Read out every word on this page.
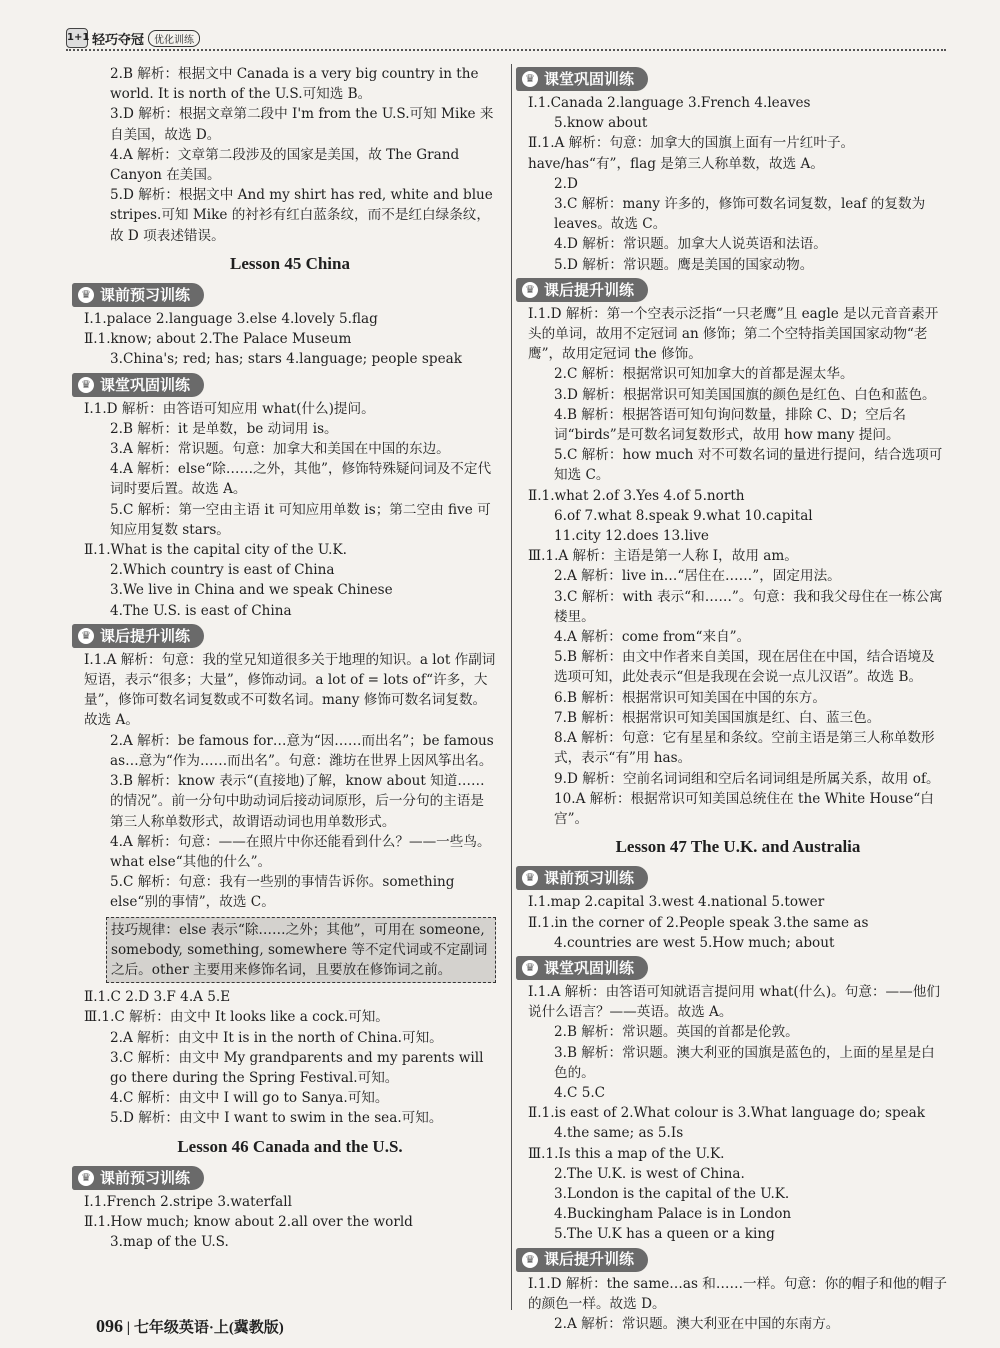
1+1 轻巧夺冠	优化训练
2.B 解析：根据文中 Canada is a very big country in the world. It is north of the U.S.可知选 B。
3.D 解析：根据文章第二段中 I'm from the U.S.可知 Mike 来自美国，故选 D。
4.A 解析：文章第二段涉及的国家是美国，故 The Grand Canyon 在美国。
5.D 解析：根据文中 And my shirt has red, white and blue stripes.可知 Mike 的衬衫有红白蓝条纹，而不是红白绿条纹，故 D 项表述错误。
Lesson 45 China
♛ 课前预习训练
Ⅰ.1.palace 2.language 3.else 4.lovely 5.flag
Ⅱ.1.know; about 2.The Palace Museum
3.China's; red; has; stars 4.language; people speak
♛ 课堂巩固训练
Ⅰ.1.D 解析：由答语可知应用 what(什么)提问。
2.B 解析：it 是单数，be 动词用 is。
3.A 解析：常识题。句意：加拿大和美国在中国的东边。
4.A 解析：else“除……之外，其他”，修饰特殊疑问词及不定代词时要后置。故选 A。
5.C 解析：第一空由主语 it 可知应用单数 is；第二空由 five 可知应用复数 stars。
Ⅱ.1.What is the capital city of the U.K.
2.Which country is east of China
3.We live in China and we speak Chinese
4.The U.S. is east of China
♛ 课后提升训练
Ⅰ.1.A 解析：句意：我的堂兄知道很多关于地理的知识。a lot 作副词短语，表示“很多；大量”，修饰动词。a lot of = lots of“许多，大量”，修饰可数名词复数或不可数名词。many 修饰可数名词复数。故选 A。
2.A 解析：be famous for…意为“因……而出名”；be famous as…意为“作为……而出名”。句意：潍坊在世界上因风筝出名。
3.B 解析：know 表示“(直接地)了解，know about 知道……的情况”。前一分句中助动词后接动词原形，后一分句的主语是第三人称单数形式，故谓语动词也用单数形式。
4.A 解析：句意：——在照片中你还能看到什么？——一些鸟。what else“其他的什么”。
5.C 解析：句意：我有一些别的事情告诉你。something else“别的事情”，故选 C。
技巧规律：else 表示“除……之外；其他”，可用在 someone, somebody, something, somewhere 等不定代词或不定副词之后。other 主要用来修饰名词，且要放在修饰词之前。
Ⅱ.1.C 2.D 3.F 4.A 5.E
Ⅲ.1.C 解析：由文中 It looks like a cock.可知。
2.A 解析：由文中 It is in the north of China.可知。
3.C 解析：由文中 My grandparents and my parents will go there during the Spring Festival.可知。
4.C 解析：由文中 I will go to Sanya.可知。
5.D 解析：由文中 I want to swim in the sea.可知。
Lesson 46 Canada and the U.S.
♛ 课前预习训练
Ⅰ.1.French 2.stripe 3.waterfall
Ⅱ.1.How much; know about 2.all over the world
3.map of the U.S.
♛ 课堂巩固训练
Ⅰ.1.Canada 2.language 3.French 4.leaves
5.know about
Ⅱ.1.A 解析：句意：加拿大的国旗上面有一片红叶子。have/has“有”，flag 是第三人称单数，故选 A。
2.D
3.C 解析：many 许多的，修饰可数名词复数，leaf 的复数为 leaves。故选 C。
4.D 解析：常识题。加拿大人说英语和法语。
5.D 解析：常识题。鹰是美国的国家动物。
♛ 课后提升训练
Ⅰ.1.D 解析：第一个空表示泛指“一只老鹰”且 eagle 是以元音音素开头的单词，故用不定冠词 an 修饰；第二个空特指美国国家动物“老鹰”，故用定冠词 the 修饰。
2.C 解析：根据常识可知加拿大的首都是渥太华。
3.D 解析：根据常识可知美国国旗的颜色是红色、白色和蓝色。
4.B 解析：根据答语可知句询问数量，排除 C、D；空后名词“birds”是可数名词复数形式，故用 how many 提问。
5.C 解析：how much 对不可数名词的量进行提问，结合选项可知选 C。
Ⅱ.1.what 2.of 3.Yes 4.of 5.north
6.of 7.what 8.speak 9.what 10.capital
11.city 12.does 13.live
Ⅲ.1.A 解析：主语是第一人称 I，故用 am。
2.A 解析：live in…“居住在……”，固定用法。
3.C 解析：with 表示“和……”。句意：我和我父母住在一栋公寓楼里。
4.A 解析：come from“来自”。
5.B 解析：由文中作者来自美国，现在居住在中国，结合语境及选项可知，此处表示“但是我现在会说一点儿汉语”。故选 B。
6.B 解析：根据常识可知美国在中国的东方。
7.B 解析：根据常识可知美国国旗是红、白、蓝三色。
8.A 解析：句意：它有星星和条纹。空前主语是第三人称单数形式，表示“有”用 has。
9.D 解析：空前名词词组和空后名词词组是所属关系，故用 of。
10.A 解析：根据常识可知美国总统住在 the White House“白宫”。
Lesson 47 The U.K. and Australia
♛ 课前预习训练
Ⅰ.1.map 2.capital 3.west 4.national 5.tower
Ⅱ.1.in the corner of 2.People speak 3.the same as
4.countries are west 5.How much; about
♛ 课堂巩固训练
Ⅰ.1.A 解析：由答语可知就语言提问用 what(什么)。句意：——他们说什么语言？——英语。故选 A。
2.B 解析：常识题。英国的首都是伦敦。
3.B 解析：常识题。澳大利亚的国旗是蓝色的，上面的星星是白色的。
4.C 5.C
Ⅱ.1.is east of 2.What colour is 3.What language do; speak
4.the same; as 5.Is
Ⅲ.1.Is this a map of the U.K.
2.The U.K. is west of China.
3.London is the capital of the U.K.
4.Buckingham Palace is in London
5.The U.K has a queen or a king
♛ 课后提升训练
Ⅰ.1.D 解析：the same…as 和……一样。句意：你的帽子和他的帽子的颜色一样。故选 D。
2.A 解析：常识题。澳大利亚在中国的东南方。
096 | 七年级英语·上(冀教版)
